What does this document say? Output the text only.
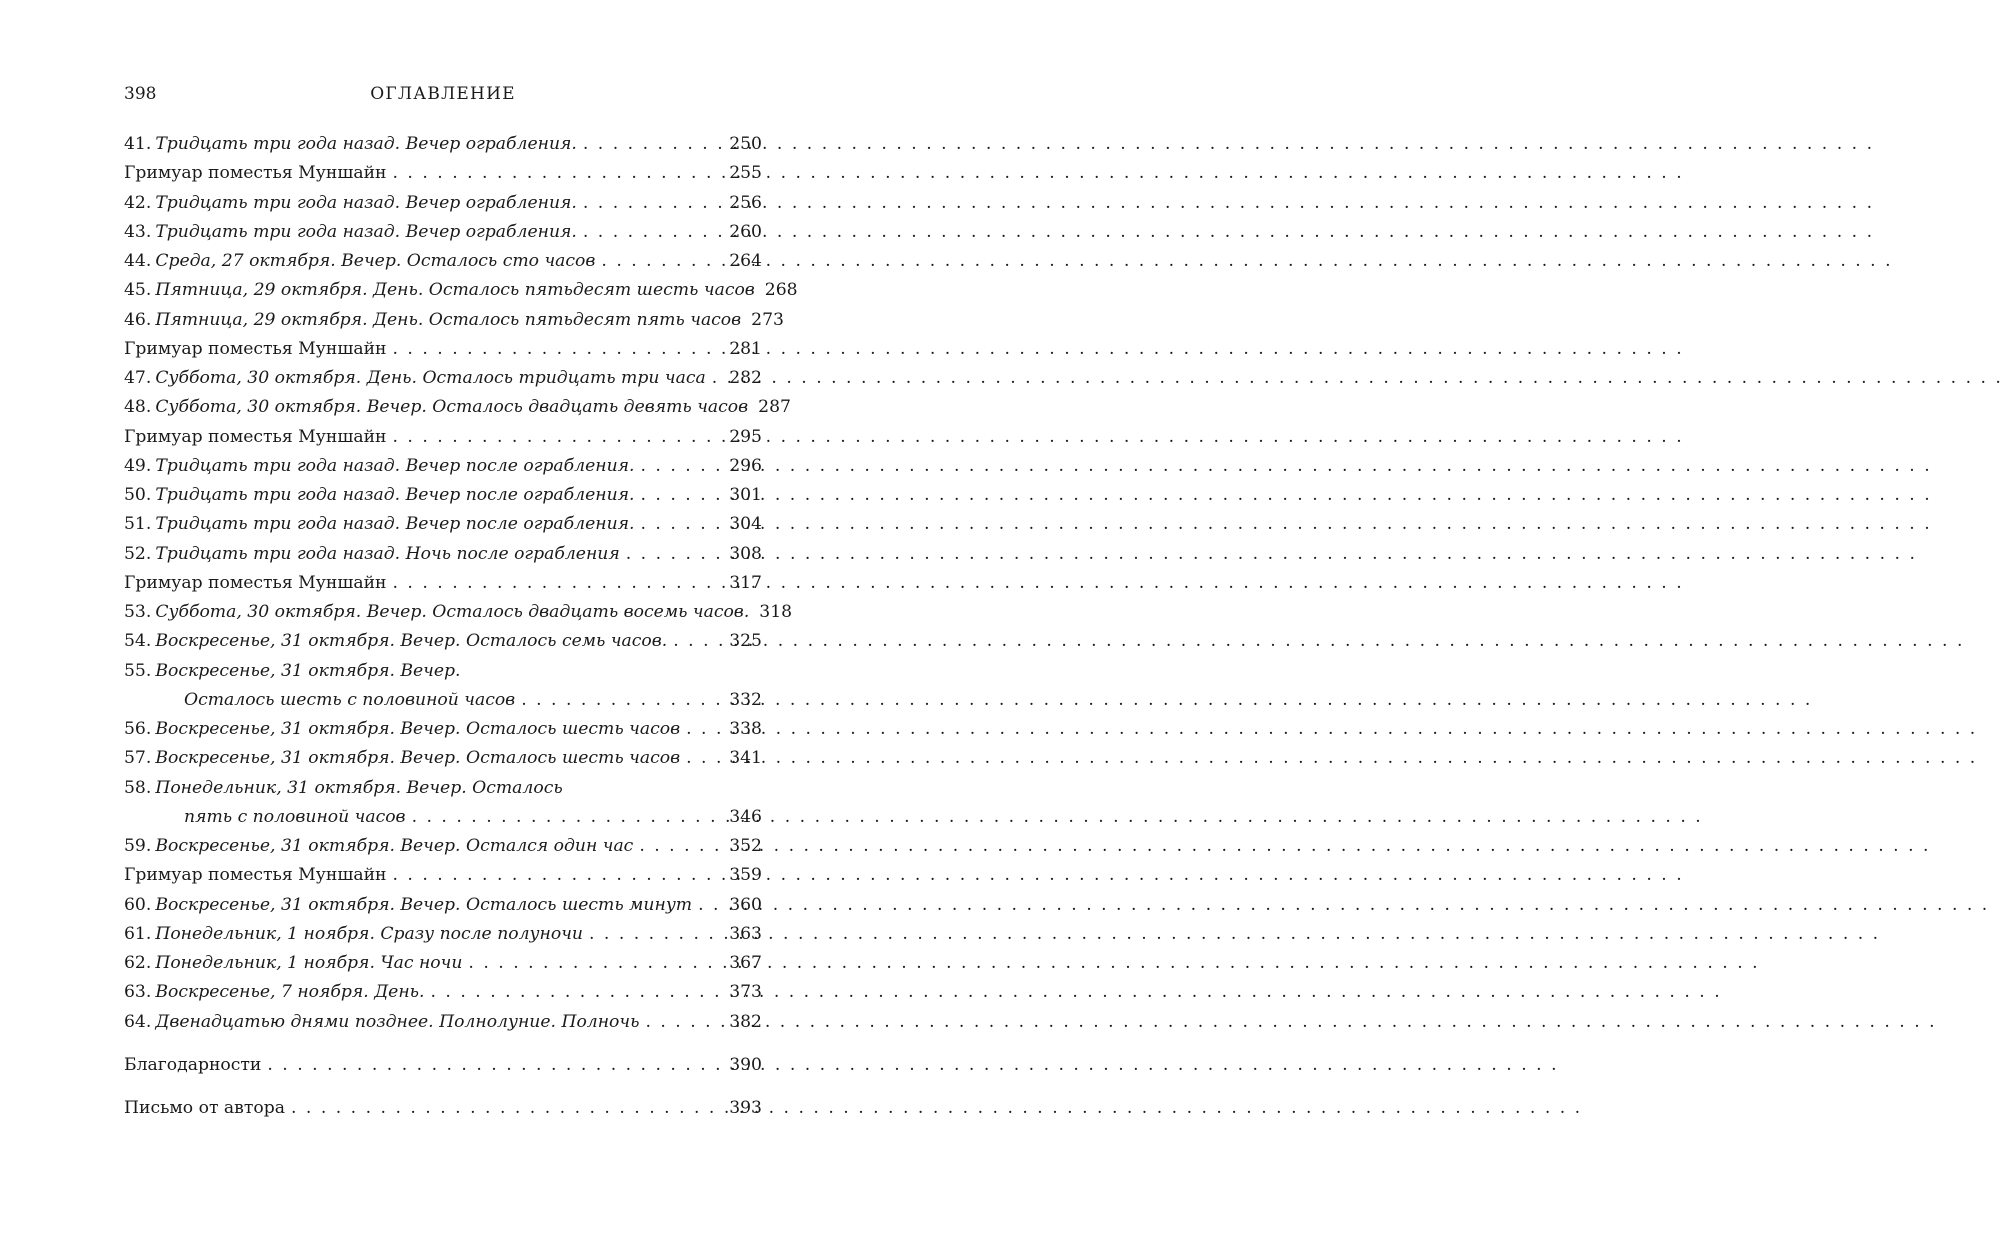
398	ОГЛАВЛЕНИЕ
41. Тридцать три года назад. Вечер ограбления. . . .	250
Гримуар поместья Муншайн . . .	255
42. Тридцать три года назад. Вечер ограбления. . . .	256
43. Тридцать три года назад. Вечер ограбления. . . .	260
44. Среда, 27 октября. Вечер. Осталось сто часов . . .	264
45. Пятница, 29 октября. День. Осталось пятьдесят шесть часов 268
46. Пятница, 29 октября. День. Осталось пятьдесят пять часов 273
Гримуар поместья Муншайн . . .	281
47. Суббота, 30 октября. День. Осталось тридцать три часа . . . 282
48. Суббота, 30 октября. Вечер. Осталось двадцать девять часов 287
Гримуар поместья Муншайн . . .	295
49. Тридцать три года назад. Вечер после ограбления. . . .	296
50. Тридцать три года назад. Вечер после ограбления. . . .	301
51. Тридцать три года назад. Вечер после ограбления. . . .	304
52. Тридцать три года назад. Ночь после ограбления . . .	308
Гримуар поместья Муншайн . . .	317
53. Суббота, 30 октября. Вечер. Осталось двадцать восемь часов. 318
54. Воскресенье, 31 октября. Вечер. Осталось семь часов. . . .	325
55. Воскресенье, 31 октября. Вечер.
Осталось шесть с половиной часов . . .	332
56. Воскресенье, 31 октября. Вечер. Осталось шесть часов . . .	338
57. Воскресенье, 31 октября. Вечер. Осталось шесть часов . . .	341
58. Понедельник, 31 октября. Вечер. Осталось
пять с половиной часов . . .	346
59. Воскресенье, 31 октября. Вечер. Остался один час . . .	352
Гримуар поместья Муншайн . . .	359
60. Воскресенье, 31 октября. Вечер. Осталось шесть минут . . . 360
61. Понедельник, 1 ноября. Сразу после полуночи . . .	363
62. Понедельник, 1 ноября. Час ночи . . .	367
63. Воскресенье, 7 ноября. День. . . .	373
64. Двенадцатью днями позднее. Полнолуние. Полночь . . .	382
Благодарности . . .	390
Письмо от автора . . .	393
